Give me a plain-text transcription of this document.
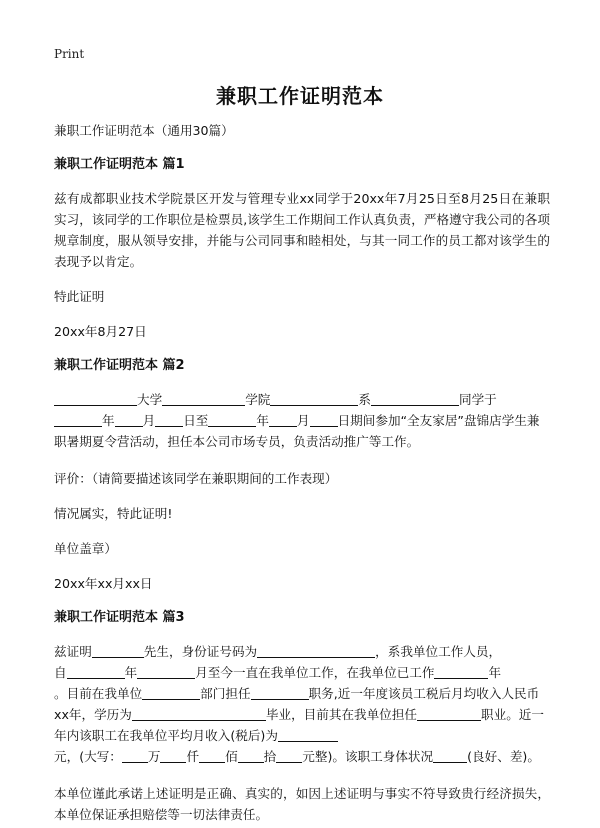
Print
兼职工作证明范本

兼职工作证明范本（通用30篇）

兼职工作证明范本 篇1

兹有成都职业技术学院景区开发与管理专业xx同学于20xx年7月25日至8月25日在兼职实习，该同学的工作职位是检票员,该学生工作期间工作认真负责，严格遵守我公司的各项规章制度，服从领导安排，并能与公司同事和睦相处，与其一同工作的员工都对该学生的表现予以肯定。

特此证明

20xx年8月27日

兼职工作证明范本 篇2

大学	学院	系	同学于
年 月 日至	年 月 日期间参加“全友家居”盘锦店学生兼职暑期夏令营活动，担任本公司市场专员，负责活动推广等工作。

评价：（请简要描述该同学在兼职期间的工作表现）

情况属实，特此证明!

单位盖章）

20xx年xx月xx日

兼职工作证明范本 篇3

兹证明	先生，身份证号码为	，系我单位工作人员，
自	年	月至今一直在我单位工作，在我单位已工作	年
。目前在我单位	部门担任	职务,近一年度该员工税后月均收入人民币 xx年，学历为	毕业，目前其在我单位担任	职业。近一年内该职工在我单位平均月收入(税后)为
元，(大写： 万 仟 佰 拾 元整)。该职工身体状况	(良好、差)。

本单位谨此承诺上述证明是正确、真实的，如因上述证明与事实不符导致贵行经济损失，本单位保证承担赔偿等一切法律责任。
